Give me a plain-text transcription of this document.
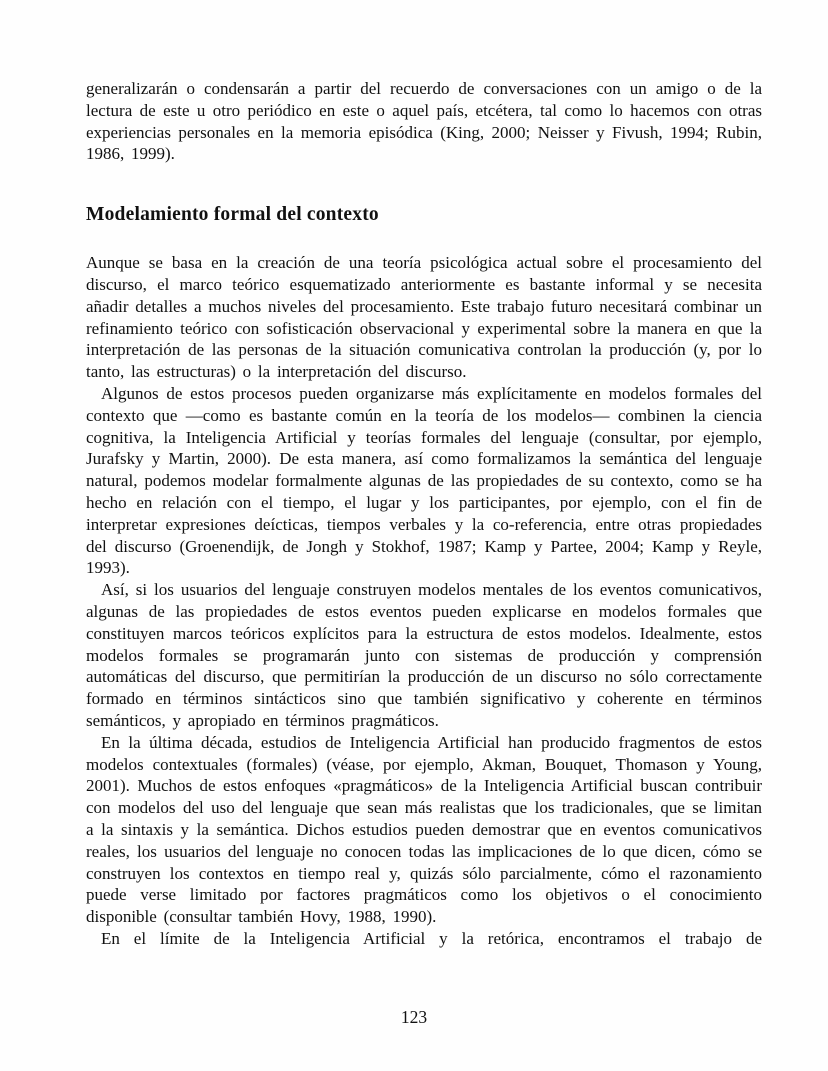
generalizarán o condensarán a partir del recuerdo de conversaciones con un amigo o de la lectura de este u otro periódico en este o aquel país, etcétera, tal como lo hacemos con otras experiencias personales en la memoria episódica (King, 2000; Neisser y Fivush, 1994; Rubin, 1986, 1999).

Modelamiento formal del contexto

Aunque se basa en la creación de una teoría psicológica actual sobre el procesamiento del discurso, el marco teórico esquematizado anteriormente es bastante informal y se necesita añadir detalles a muchos niveles del procesamiento. Este trabajo futuro necesitará combinar un refinamiento teórico con sofisticación observacional y experimental sobre la manera en que la interpretación de las personas de la situación comunicativa controlan la producción (y, por lo tanto, las estructuras) o la interpretación del discurso.

Algunos de estos procesos pueden organizarse más explícitamente en modelos formales del contexto que —como es bastante común en la teoría de los modelos— combinen la ciencia cognitiva, la Inteligencia Artificial y teorías formales del lenguaje (consultar, por ejemplo, Jurafsky y Martin, 2000). De esta manera, así como formalizamos la semántica del lenguaje natural, podemos modelar formalmente algunas de las propiedades de su contexto, como se ha hecho en relación con el tiempo, el lugar y los participantes, por ejemplo, con el fin de interpretar expresiones deícticas, tiempos verbales y la co-referencia, entre otras propiedades del discurso (Groenendijk, de Jongh y Stokhof, 1987; Kamp y Partee, 2004; Kamp y Reyle, 1993).

Así, si los usuarios del lenguaje construyen modelos mentales de los eventos comunicativos, algunas de las propiedades de estos eventos pueden explicarse en modelos formales que constituyen marcos teóricos explícitos para la estructura de estos modelos. Idealmente, estos modelos formales se programarán junto con sistemas de producción y comprensión automáticas del discurso, que permitirían la producción de un discurso no sólo correctamente formado en términos sintácticos sino que también significativo y coherente en términos semánticos, y apropiado en términos pragmáticos.

En la última década, estudios de Inteligencia Artificial han producido fragmentos de estos modelos contextuales (formales) (véase, por ejemplo, Akman, Bouquet, Thomason y Young, 2001). Muchos de estos enfoques «pragmáticos» de la Inteligencia Artificial buscan contribuir con modelos del uso del lenguaje que sean más realistas que los tradicionales, que se limitan a la sintaxis y la semántica. Dichos estudios pueden demostrar que en eventos comunicativos reales, los usuarios del lenguaje no conocen todas las implicaciones de lo que dicen, cómo se construyen los contextos en tiempo real y, quizás sólo parcialmente, cómo el razonamiento puede verse limitado por factores pragmáticos como los objetivos o el conocimiento disponible (consultar también Hovy, 1988, 1990).

En el límite de la Inteligencia Artificial y la retórica, encontramos el trabajo de

123
